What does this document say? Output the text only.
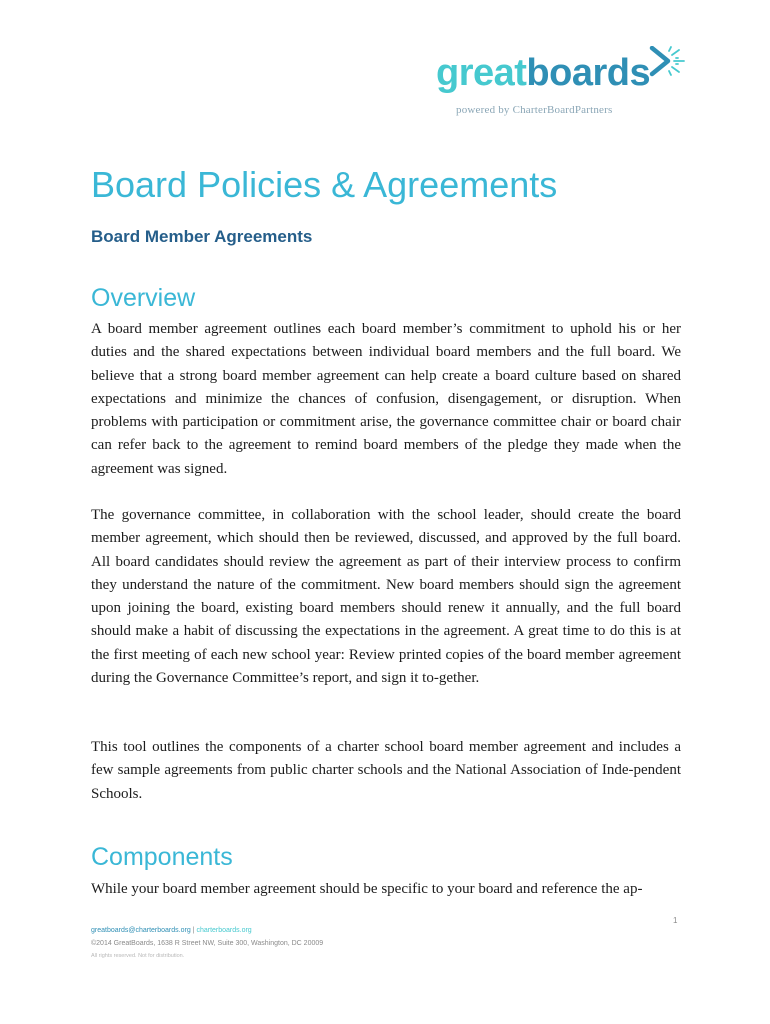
greatboards
powered by CharterBoardPartners
Board Policies & Agreements
Board Member Agreements
Overview

A board member agreement outlines each board member’s commitment to uphold his or her duties and the shared expectations between individual board members and the full board. We believe that a strong board member agreement can help create a board culture based on shared expectations and minimize the chances of confusion, disengagement, or disruption. When problems with participation or commitment arise, the governance committee chair or board chair can refer back to the agreement to remind board members of the pledge they made when the agreement was signed.

The governance committee, in collaboration with the school leader, should create the board member agreement, which should then be reviewed, discussed, and approved by the full board. All board candidates should review the agreement as part of their interview process to confirm they understand the nature of the commitment. New board members should sign the agreement upon joining the board, existing board members should renew it annually, and the full board should make a habit of discussing the expectations in the agreement. A great time to do this is at the first meeting of each new school year: Review printed copies of the board member agreement during the Governance Committee’s report, and sign it to-gether.

This tool outlines the components of a charter school board member agreement and includes a few sample agreements from public charter schools and the National Association of Inde-pendent Schools.

Components

While your board member agreement should be specific to your board and reference the ap-

1
greatboards@charterboards.org | charterboards.org
©2014 GreatBoards, 1638 R Street NW, Suite 300, Washington, DC 20009
All rights reserved. Not for distribution.
